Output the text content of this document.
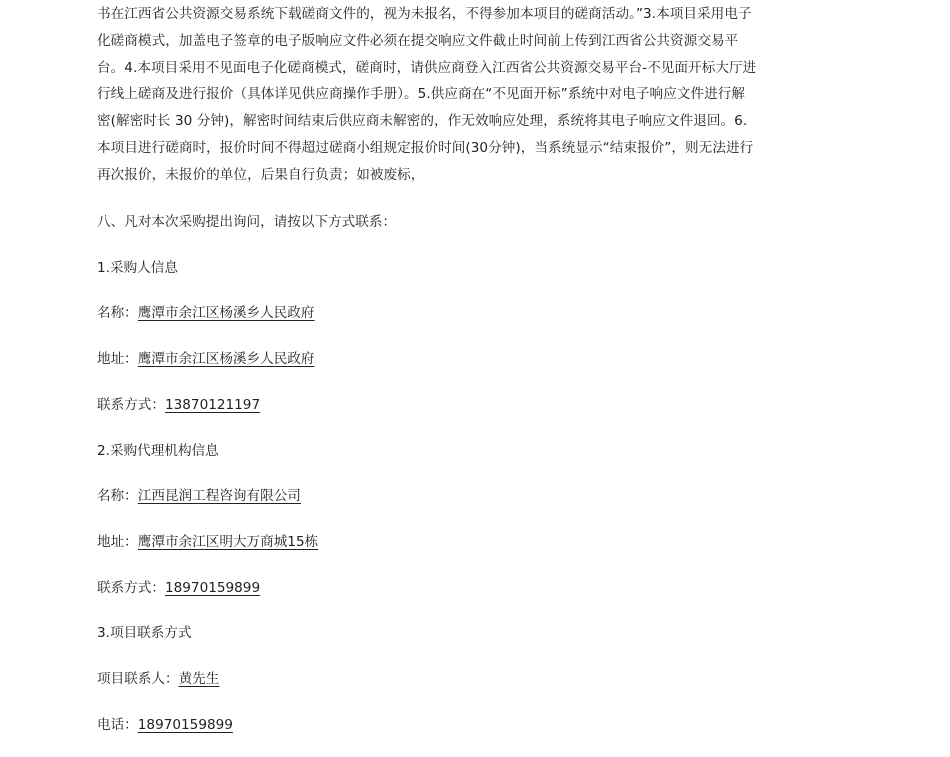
书在江西省公共资源交易系统下载磋商文件的，视为未报名，不得参加本项目的磋商活动。”3.本项目采用电子化磋商模式，加盖电子签章的电子版响应文件必须在提交响应文件截止时间前上传到江西省公共资源交易平台。4.本项目采用不见面电子化磋商模式，磋商时，请供应商登入江西省公共资源交易平台-不见面开标大厅进行线上磋商及进行报价（具体详见供应商操作手册）。5.供应商在“不见面开标”系统中对电子响应文件进行解密(解密时长 30 分钟)，解密时间结束后供应商未解密的，作无效响应处理，系统将其电子响应文件退回。6.本项目进行磋商时，报价时间不得超过磋商小组规定报价时间(30分钟)，当系统显示“结束报价”，则无法进行再次报价，未报价的单位，后果自行负责；如被废标，

八、凡对本次采购提出询问，请按以下方式联系：
1.采购人信息
名称：鹰潭市余江区杨溪乡人民政府
地址：鹰潭市余江区杨溪乡人民政府
联系方式：13870121197
2.采购代理机构信息
名称：江西昆润工程咨询有限公司
地址：鹰潭市余江区明大万商城15栋
联系方式：18970159899
3.项目联系方式
项目联系人：黄先生
电话：18970159899
